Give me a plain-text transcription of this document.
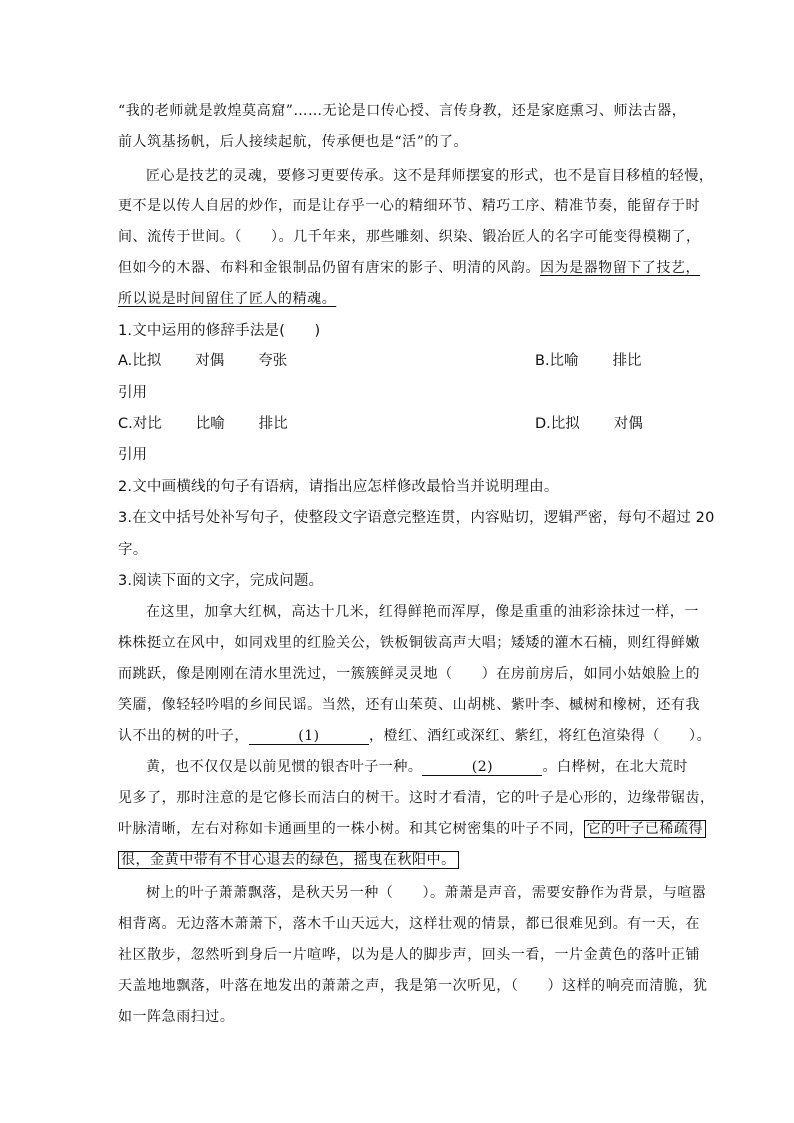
“我的老师就是敦煌莫高窟”……无论是口传心授、言传身教，还是家庭熏习、师法古器，
前人筑基扬帆，后人接续起航，传承便也是“活”的了。
匠心是技艺的灵魂，要修习更要传承。这不是拜师摆宴的形式，也不是盲目移植的轻慢，
更不是以传人自居的炒作，而是让存乎一心的精细环节、精巧工序、精准节奏，能留存于时
间、流传于世间。（　　）。几千年来，那些雕刻、织染、锻冶匠人的名字可能变得模糊了，
但如今的木器、布料和金银制品仍留有唐宋的影子、明清的风韵。因为是器物留下了技艺，
所以说是时间留住了匠人的精魂。
1.文中运用的修辞手法是(　　)
A.比拟 对偶 夸张	B.比喻 排比
引用
C.对比 比喻 排比	D.比拟 对偶
引用
2.文中画横线的句子有语病，请指出应怎样修改最恰当并说明理由。
3.在文中括号处补写句子，使整段文字语意完整连贯，内容贴切，逻辑严密，每句不超过 20
字。
3.阅读下面的文字，完成问题。
在这里，加拿大红枫，高达十几米，红得鲜艳而浑厚，像是重重的油彩涂抹过一样，一
株株挺立在风中，如同戏里的红脸关公，铁板铜钹高声大唱；矮矮的灌木石楠，则红得鲜嫩
而跳跃，像是刚刚在清水里洗过，一簇簇鲜灵灵地（　　）在房前房后，如同小姑娘脸上的
笑靥，像轻轻吟唱的乡间民谣。当然，还有山茱萸、山胡桃、紫叶李、槭树和橡树，还有我
认不出的树的叶子，	(1)	，橙红、酒红或深红、紫红，将红色渲染得（　　）。
黄，也不仅仅是以前见惯的银杏叶子一种。	(2)	。白桦树，在北大荒时
见多了，那时注意的是它修长而洁白的树干。这时才看清，它的叶子是心形的，边缘带锯齿，
叶脉清晰，左右对称如卡通画里的一株小树。和其它树密集的叶子不同， 它的叶子已稀疏得
很，金黄中带有不甘心退去的绿色，摇曳在秋阳中。
树上的叶子萧萧飘落，是秋天另一种（　　）。萧萧是声音，需要安静作为背景，与喧嚣
相背离。无边落木萧萧下，落木千山天远大，这样壮观的情景，都已很难见到。有一天，在
社区散步，忽然听到身后一片喧哗，以为是人的脚步声，回头一看，一片金黄色的落叶正铺
天盖地地飘落，叶落在地发出的萧萧之声，我是第一次听见，（　　）这样的响亮而清脆，犹
如一阵急雨扫过。
